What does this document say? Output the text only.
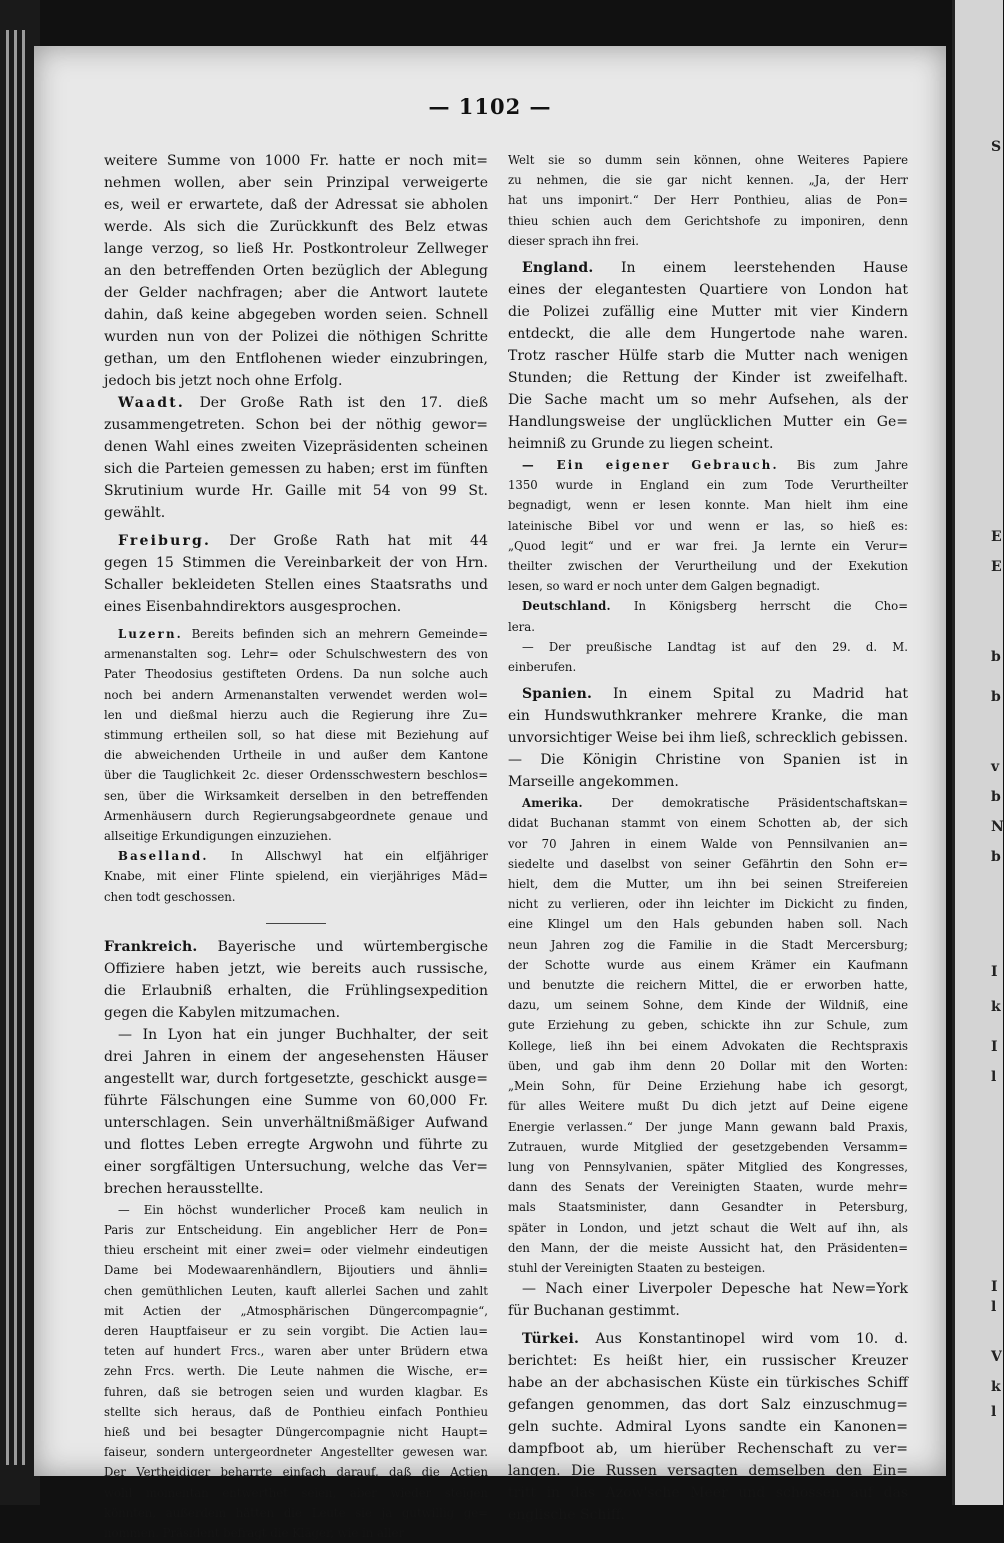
S
E
E
b
b
v
b
N
b
I
k
I
l
I
l
V
k
l
— 1102 —

weitere Summe von 1000 Fr. hatte er noch mit=

nehmen wollen, aber sein Prinzipal verweigerte

es, weil er erwartete, daß der Adressat sie abholen

werde. Als sich die Zurückkunft des Belz etwas

lange verzog, so ließ Hr. Postkontroleur Zellweger

an den betreffenden Orten bezüglich der Ablegung

der Gelder nachfragen; aber die Antwort lautete

dahin, daß keine abgegeben worden seien. Schnell

wurden nun von der Polizei die nöthigen Schritte

gethan, um den Entflohenen wieder einzubringen,

jedoch bis jetzt noch ohne Erfolg.

Waadt. Der Große Rath ist den 17. dieß

zusammengetreten. Schon bei der nöthig gewor=

denen Wahl eines zweiten Vizepräsidenten scheinen

sich die Parteien gemessen zu haben; erst im fünften

Skrutinium wurde Hr. Gaille mit 54 von 99 St.

gewählt.

Freiburg. Der Große Rath hat mit 44

gegen 15 Stimmen die Vereinbarkeit der von Hrn.

Schaller bekleideten Stellen eines Staatsraths und

eines Eisenbahndirektors ausgesprochen.

Luzern. Bereits befinden sich an mehrern Gemeinde=

armenanstalten sog. Lehr= oder Schulschwestern des von

Pater Theodosius gestifteten Ordens. Da nun solche auch

noch bei andern Armenanstalten verwendet werden wol=

len und dießmal hierzu auch die Regierung ihre Zu=

stimmung ertheilen soll, so hat diese mit Beziehung auf

die abweichenden Urtheile in und außer dem Kantone

über die Tauglichkeit 2c. dieser Ordensschwestern beschlos=

sen, über die Wirksamkeit derselben in den betreffenden

Armenhäusern durch Regierungsabgeordnete genaue und

allseitige Erkundigungen einzuziehen.

Baselland. In Allschwyl hat ein elfjähriger

Knabe, mit einer Flinte spielend, ein vierjähriges Mäd=

chen todt geschossen.

Frankreich. Bayerische und würtembergische

Offiziere haben jetzt, wie bereits auch russische,

die Erlaubniß erhalten, die Frühlingsexpedition

gegen die Kabylen mitzumachen.

— In Lyon hat ein junger Buchhalter, der seit

drei Jahren in einem der angesehensten Häuser

angestellt war, durch fortgesetzte, geschickt ausge=

führte Fälschungen eine Summe von 60,000 Fr.

unterschlagen. Sein unverhältnißmäßiger Aufwand

und flottes Leben erregte Argwohn und führte zu

einer sorgfältigen Untersuchung, welche das Ver=

brechen herausstellte.

— Ein höchst wunderlicher Proceß kam neulich in

Paris zur Entscheidung. Ein angeblicher Herr de Pon=

thieu erscheint mit einer zwei= oder vielmehr eindeutigen

Dame bei Modewaarenhändlern, Bijoutiers und ähnli=

chen gemüthlichen Leuten, kauft allerlei Sachen und zahlt

mit Actien der „Atmosphärischen Düngercompagnie“,

deren Hauptfaiseur er zu sein vorgibt. Die Actien lau=

teten auf hundert Frcs., waren aber unter Brüdern etwa

zehn Frcs. werth. Die Leute nahmen die Wische, er=

fuhren, daß sie betrogen seien und wurden klagbar. Es

stellte sich heraus, daß de Ponthieu einfach Ponthieu

hieß und bei besagter Düngercompagnie nicht Haupt=

faiseur, sondern untergeordneter Angestellter gewesen war.

Der Vertheidiger beharrte einfach darauf, daß die Actien

wohl momentan entwerthet seien, aber wieder steigen

könnten, außerdem hätten die Leute sie ja gutwillig ge=

nommen. Präsident befragt die Kläger, wie in aller

Welt sie so dumm sein können, ohne Weiteres Papiere

zu nehmen, die sie gar nicht kennen. „Ja, der Herr

hat uns imponirt.“ Der Herr Ponthieu, alias de Pon=

thieu schien auch dem Gerichtshofe zu imponiren, denn

dieser sprach ihn frei.

England. In einem leerstehenden Hause

eines der elegantesten Quartiere von London hat

die Polizei zufällig eine Mutter mit vier Kindern

entdeckt, die alle dem Hungertode nahe waren.

Trotz rascher Hülfe starb die Mutter nach wenigen

Stunden; die Rettung der Kinder ist zweifelhaft.

Die Sache macht um so mehr Aufsehen, als der

Handlungsweise der unglücklichen Mutter ein Ge=

heimniß zu Grunde zu liegen scheint.

— Ein eigener Gebrauch. Bis zum Jahre

1350 wurde in England ein zum Tode Verurtheilter

begnadigt, wenn er lesen konnte. Man hielt ihm eine

lateinische Bibel vor und wenn er las, so hieß es:

„Quod legit“ und er war frei. Ja lernte ein Verur=

theilter zwischen der Verurtheilung und der Exekution

lesen, so ward er noch unter dem Galgen begnadigt.

Deutschland. In Königsberg herrscht die Cho=

lera.

— Der preußische Landtag ist auf den 29. d. M.

einberufen.

Spanien. In einem Spital zu Madrid hat

ein Hundswuthkranker mehrere Kranke, die man

unvorsichtiger Weise bei ihm ließ, schrecklich gebissen.

— Die Königin Christine von Spanien ist in

Marseille angekommen.

Amerika. Der demokratische Präsidentschaftskan=

didat Buchanan stammt von einem Schotten ab, der sich

vor 70 Jahren in einem Walde von Pennsilvanien an=

siedelte und daselbst von seiner Gefährtin den Sohn er=

hielt, dem die Mutter, um ihn bei seinen Streifereien

nicht zu verlieren, oder ihn leichter im Dickicht zu finden,

eine Klingel um den Hals gebunden haben soll. Nach

neun Jahren zog die Familie in die Stadt Mercersburg;

der Schotte wurde aus einem Krämer ein Kaufmann

und benutzte die reichern Mittel, die er erworben hatte,

dazu, um seinem Sohne, dem Kinde der Wildniß, eine

gute Erziehung zu geben, schickte ihn zur Schule, zum

Kollege, ließ ihn bei einem Advokaten die Rechtspraxis

üben, und gab ihm denn 20 Dollar mit den Worten:

„Mein Sohn, für Deine Erziehung habe ich gesorgt,

für alles Weitere mußt Du dich jetzt auf Deine eigene

Energie verlassen.“ Der junge Mann gewann bald Praxis,

Zutrauen, wurde Mitglied der gesetzgebenden Versamm=

lung von Pennsylvanien, später Mitglied des Kongresses,

dann des Senats der Vereinigten Staaten, wurde mehr=

mals Staatsminister, dann Gesandter in Petersburg,

später in London, und jetzt schaut die Welt auf ihn, als

den Mann, der die meiste Aussicht hat, den Präsidenten=

stuhl der Vereinigten Staaten zu besteigen.

— Nach einer Liverpoler Depesche hat New=York

für Buchanan gestimmt.

Türkei. Aus Konstantinopel wird vom 10. d.

berichtet: Es heißt hier, ein russischer Kreuzer

habe an der abchasischen Küste ein türkisches Schiff

gefangen genommen, das dort Salz einzuschmug=

geln suchte. Admiral Lyons sandte ein Kanonen=

dampfboot ab, um hierüber Rechenschaft zu ver=

langen. Die Russen versagten demselben den Ein=

tritt in das Azow'sche Meer und schossen auf das

englische Schiff.
